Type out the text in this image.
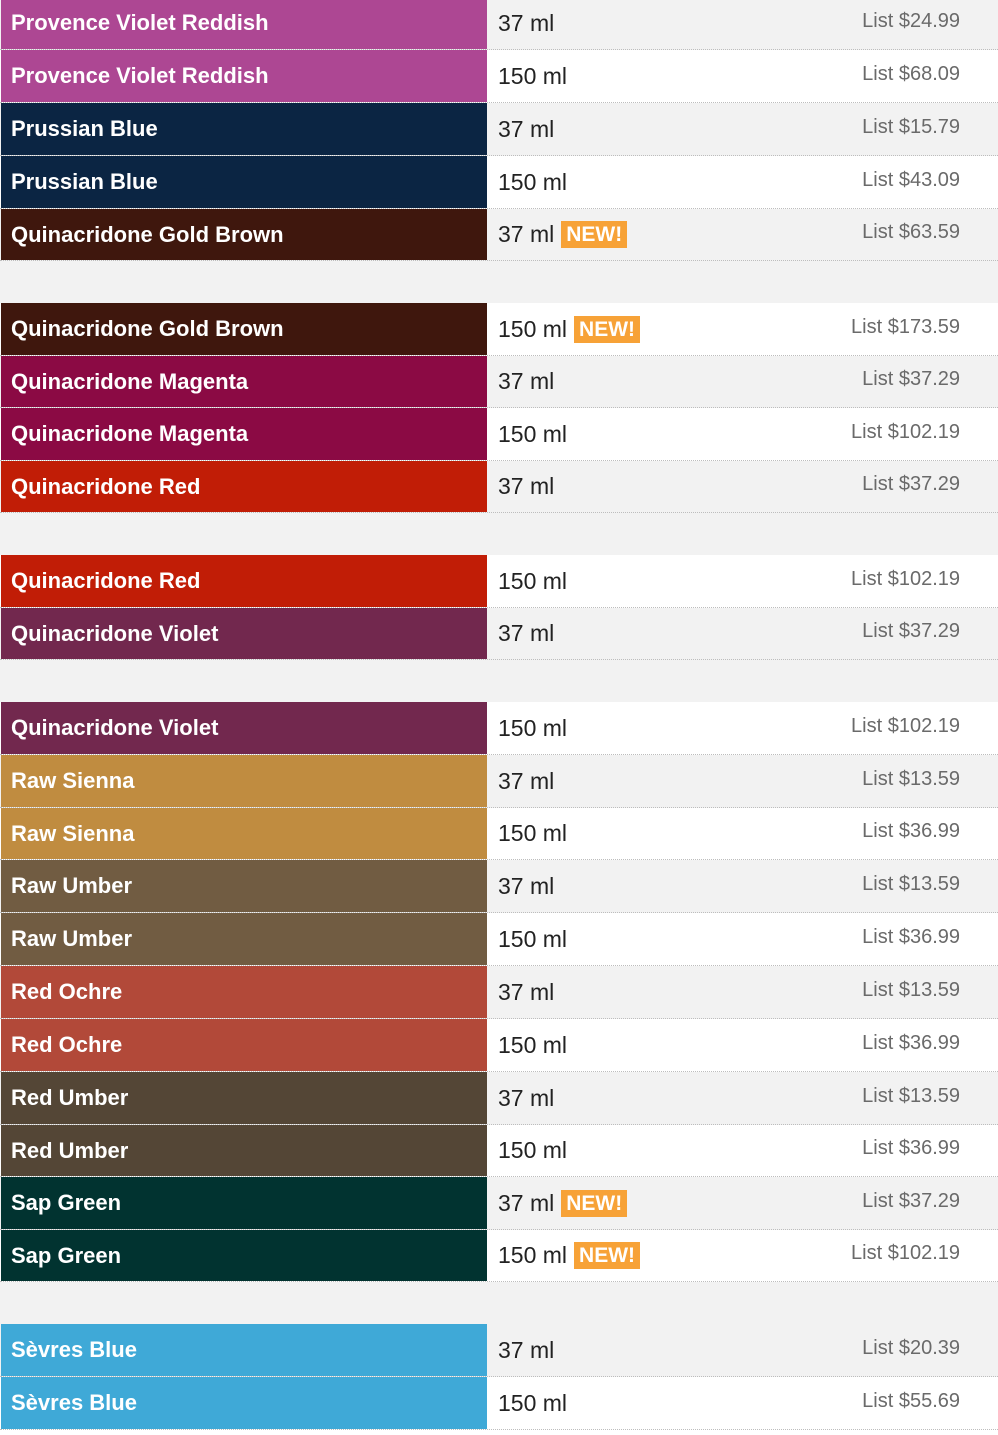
Provence Violet Reddish	37 ml	List $24.99
Provence Violet Reddish	150 ml	List $68.09
Prussian Blue	37 ml	List $15.79
Prussian Blue	150 ml	List $43.09
Quinacridone Gold Brown	37 ml NEW!	List $63.59
Quinacridone Gold Brown	150 ml NEW!	List $173.59
Quinacridone Magenta	37 ml	List $37.29
Quinacridone Magenta	150 ml	List $102.19
Quinacridone Red	37 ml	List $37.29
Quinacridone Red	150 ml	List $102.19
Quinacridone Violet	37 ml	List $37.29
Quinacridone Violet	150 ml	List $102.19
Raw Sienna	37 ml	List $13.59
Raw Sienna	150 ml	List $36.99
Raw Umber	37 ml	List $13.59
Raw Umber	150 ml	List $36.99
Red Ochre	37 ml	List $13.59
Red Ochre	150 ml	List $36.99
Red Umber	37 ml	List $13.59
Red Umber	150 ml	List $36.99
Sap Green	37 ml NEW!	List $37.29
Sap Green	150 ml NEW!	List $102.19
Sèvres Blue	37 ml	List $20.39
Sèvres Blue	150 ml	List $55.69
